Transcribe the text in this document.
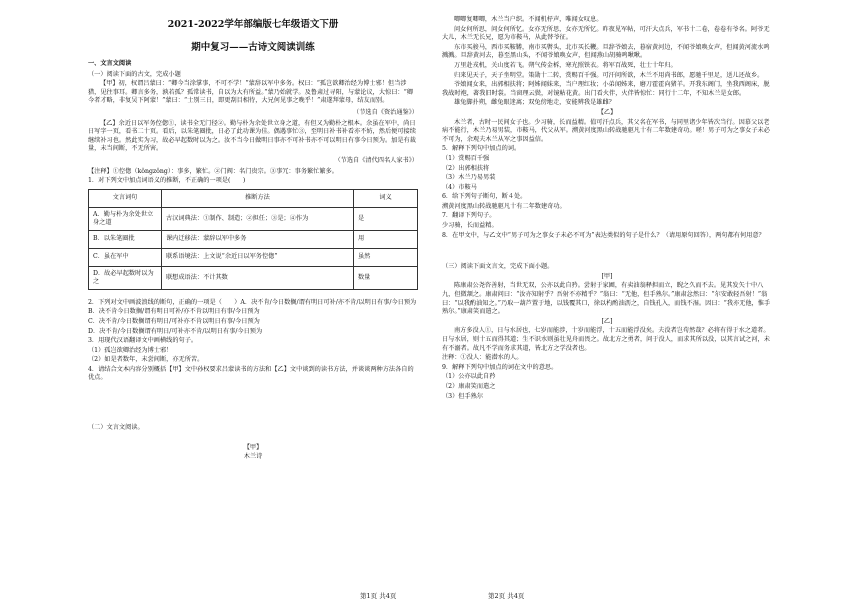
2021-2022学年部编版七年级语文下册
期中复习——古诗文阅读训练

一、文言文阅读

（一）阅读下面的古文，完成小题

【甲】初，权谓吕蒙曰：“卿今当涂掌事，不可不学！”蒙辞以军中多务。权曰：“孤岂欲卿治经为博士邪！但当涉猎，见往事耳。卿言多务，孰若孤？孤常读书，自以为大有所益。”蒙乃始就学。及鲁肃过寻阳，与蒙论议，大惊曰：“卿今者才略，非复吴下阿蒙！”蒙曰：“士别三日，即更刮目相待，大兄何见事之晚乎！”肃遂拜蒙母，结友而别。

（节选自《资治通鉴》）

【乙】余近日以军务倥偬①，读书全无门径②。勤与朴为余处世立身之道，有但又为勤朴之根本。余虽在军中，尚日日写字一页，看书二十页。看后，以朱笔圈批，日必了此功课为佳。偶遇事忙③，至明日补书补看亦不妨，然后便可接续继续补习也。然此实为习，故必早起数时以为之。汝不当今日做明日事亦不可补书亦不可以明日有事今日预为。加是有裁量，未当间断，不无所害。

（节选自《清代四名人家书》）

【注释】①倥偬（kǒngzǒng）：事多，繁忙。②门阀：名门贵宗。③事冗：事务繁忙繁多。

1．对下列文中加点词语义的推断，不正确的一项是(　　)

文言词句	推断方法	词义
A．勤与朴为余处世立身之道	古汉词典法：①制作、制造；②担任；③是；④作为	是
B．以朱笔圈批	课内迁移法：蒙辞以军中多务	用
C．虽在军中	联系语境法：上文说“余近日以军务倥偬”	虽然
D．故必早起数时以为之	联想成语法：不计其数	数量

2．下列对文中画波浪线的断句，正确的一项是（　　）A．决不肯/今日数搁/谓有明日可补/亦不肯/以明日有事/今日预为

B．决不肯今日数搁/谓有明日可补/亦不肯以明日有事/今日预为

C．决不肯/今日数搁谓有明日/可补亦不肯以明日有事/今日预为

D．决不肯/今日数搁谓有明日/可补亦不肯/以明日有事/今日预为

3．用现代汉语翻译文中画横线的句子。

（1）孤岂欲卿治经为博士邪！

（2）如是者数年，未尝间断，亦无所苦。

4．请结合文本内容分别概括【甲】文中孙权要求吕蒙读书的方法和【乙】文中谈到的读书方法，并谈谈两种方法各自的优点。

（二）文言文阅读。

【甲】

木兰诗

唧唧复唧唧，木兰当户织。不闻机杼声，唯闻女叹息。

问女何所思，问女何所忆。女亦无所思，女亦无所忆。昨夜见军帖，可汗大点兵，军书十二卷，卷卷有爷名。阿爷无大儿，木兰无长兄，愿为市鞍马，从此替爷征。

东市买骏马，西市买鞍鞯，南市买辔头，北市买长鞭。旦辞爷娘去，暮宿黄河边，不闻爷娘唤女声，但闻黄河流水鸣溅溅。旦辞黄河去，暮至黑山头，不闻爷娘唤女声，但闻燕山胡骑鸣啾啾。

万里赴戎机，关山度若飞。朔气传金柝，寒光照铁衣。将军百战死，壮士十年归。

归来见天子，天子坐明堂。策勋十二转，赏赐百千强。可汗问所欲，木兰不用尚书郎，愿驰千里足，送儿还故乡。

爷娘闻女来，出郭相扶将；阿姊闻妹来，当户理红妆；小弟闻姊来，磨刀霍霍向猪羊。开我东阁门，坐我西阁床，脱我战时袍，著我旧时裳。当窗理云鬓，对镜帖花黄。出门看火伴，火伴皆惊忙：同行十二年，不知木兰是女郎。

雄兔脚扑朔，雌兔眼迷离；双兔傍地走，安能辨我是雄雌？

【乙】

木兰者，古时一民间女子也。少习骑，长而益精。值可汗点兵，其父名在军书，与同里诸少年皆次当行。因慕父以老病不能行，木兰乃易男装，市鞍马，代父从军。溯黄河度黑山转战驰驱凡十有二年数建奇功。嗟！男子可为之事女子未必不可为，余观夫木兰从军之事因益信。

5．解释下列句中加点的词。

（1）赏赐百千强

（2）出郭相扶将

（3）木兰乃易男装

（4）市鞍马

6．给下列句子断句，断４处。

溯黄河度黑山转战驰驱凡十有二年数建奇功。

7．翻译下列句子。

少习骑，长而益精。

8．在甲文中，与乙文中“男子可为之事女子未必不可为”表达类似的句子是什么？（请用原句回答），两句都有何用意？

（三）阅读下面文言文，完成下面小题。

[甲]

陈康肃公尧咨善射，当世无双，公亦以此自矜。尝射于家圃，有卖油翁释担而立，睨之久而不去。见其发矢十中八九，但微颔之。康肃问曰：“汝亦知射乎？吾射不亦精乎？”翁曰：“无他，但手熟尔。”康肃忿然曰：“尔安敢轻吾射！”翁曰：“以我酌油知之。”乃取一葫芦置于地，以钱覆其口，徐以杓酌油沥之，自钱孔入，而钱不湿。因曰：“我亦无他，惟手熟尔。”康肃笑而遣之。

[乙]

南方多没人①，日与水居也，七岁而能涉，十岁而能浮，十五而能浮没矣。夫没者岂苟然哉？必将有得于水之道者。日与水居，则十五而得其道；生不识水则虽壮见舟而畏之。故北方之勇者，问于没人，而求其所以没，以其言试之河，未有不溺者。故凡不学而务求其道，皆北方之学没者也。

注释：①没人：能潜水的人。

9．解释下列句中加点的词在文中的意思。

（1）公亦以此自矜

（2）康肃笑而遣之

（3）但手熟尔

第1页 共4页	第2页 共4页
